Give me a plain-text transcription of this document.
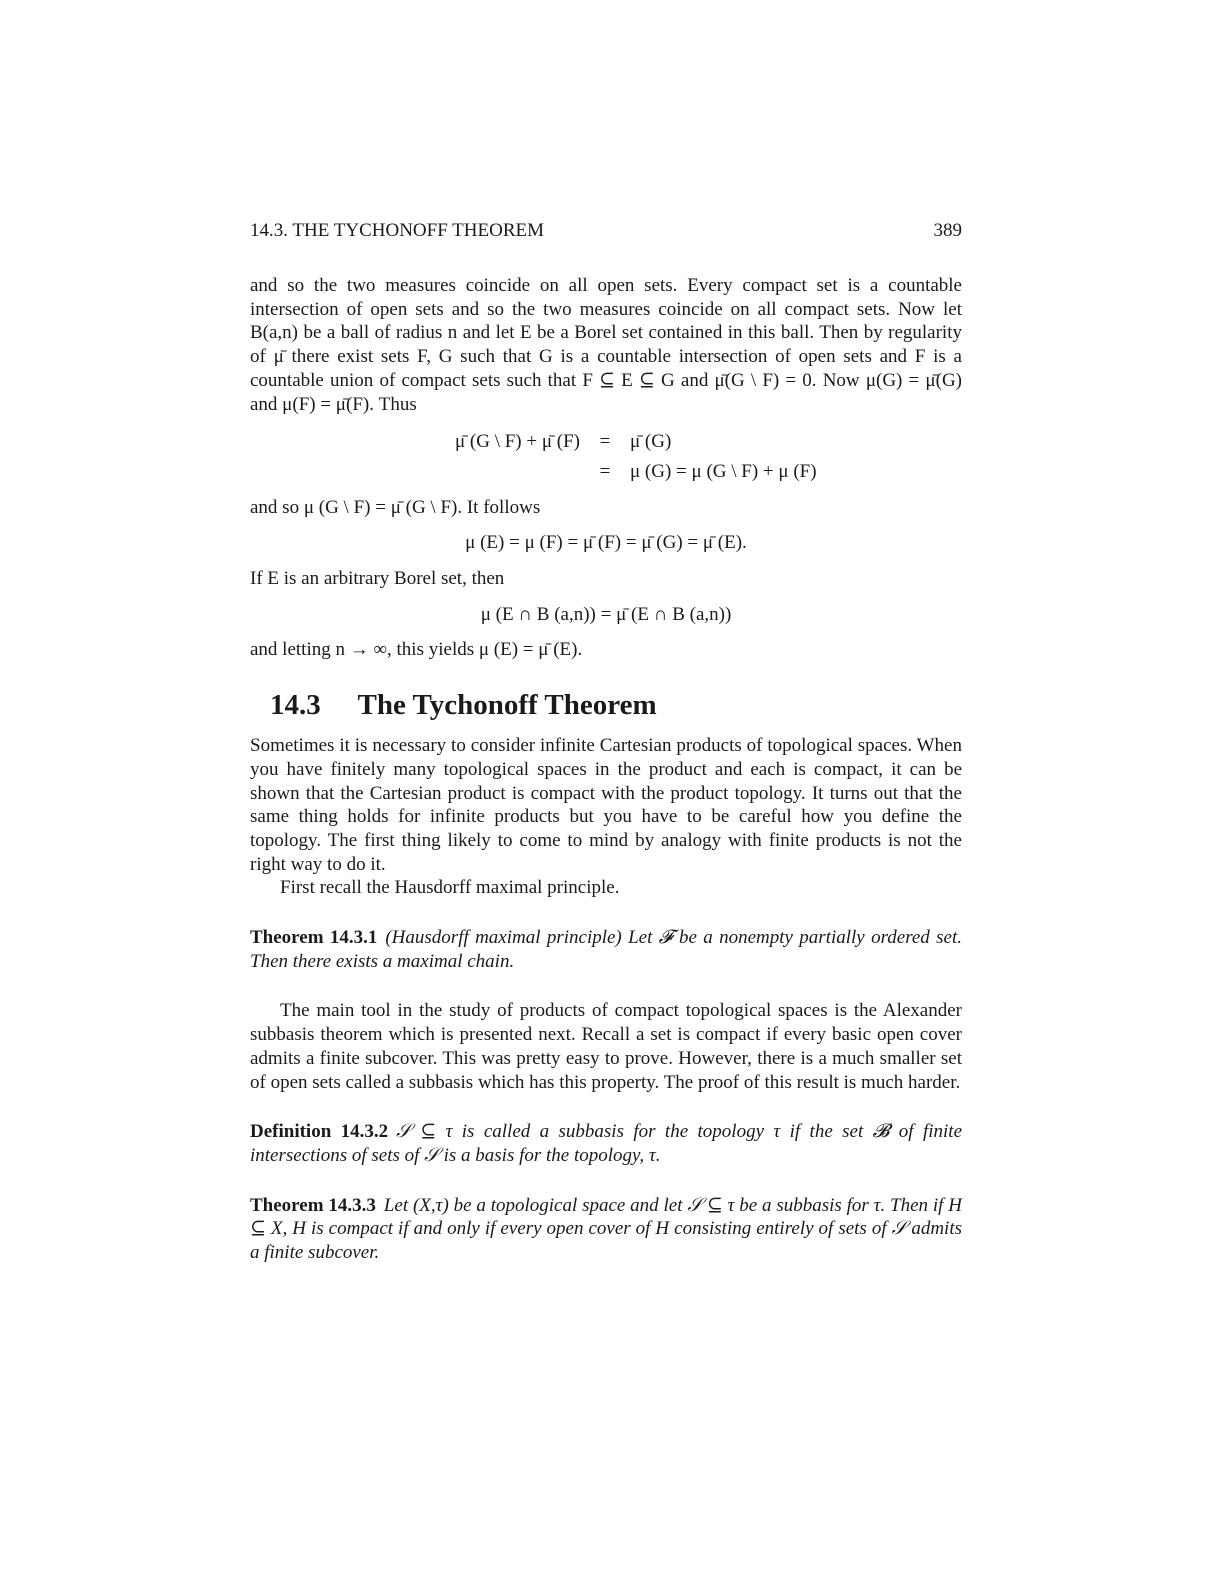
14.3. THE TYCHONOFF THEOREM	389

and so the two measures coincide on all open sets. Every compact set is a countable intersection of open sets and so the two measures coincide on all compact sets. Now let B(a,n) be a ball of radius n and let E be a Borel set contained in this ball. Then by regularity of μ̄ there exist sets F, G such that G is a countable intersection of open sets and F is a countable union of compact sets such that F ⊆ E ⊆ G and μ̄(G \ F) = 0. Now μ(G) = μ̄(G) and μ(F) = μ̄(F). Thus

μ̄ (G \ F) + μ̄ (F)	=	μ̄ (G)
=	μ (G) = μ (G \ F) + μ (F)

and so μ (G \ F) = μ̄ (G \ F). It follows

μ (E) = μ (F) = μ̄ (F) = μ̄ (G) = μ̄ (E).

If E is an arbitrary Borel set, then

μ (E ∩ B (a,n)) = μ̄ (E ∩ B (a,n))

and letting n → ∞, this yields μ (E) = μ̄ (E).

14.3 The Tychonoff Theorem

Sometimes it is necessary to consider infinite Cartesian products of topological spaces. When you have finitely many topological spaces in the product and each is compact, it can be shown that the Cartesian product is compact with the product topology. It turns out that the same thing holds for infinite products but you have to be careful how you define the topology. The first thing likely to come to mind by analogy with finite products is not the right way to do it.

First recall the Hausdorff maximal principle.

Theorem 14.3.1 (Hausdorff maximal principle) Let 𝓕 be a nonempty partially ordered set. Then there exists a maximal chain.

The main tool in the study of products of compact topological spaces is the Alexander subbasis theorem which is presented next. Recall a set is compact if every basic open cover admits a finite subcover. This was pretty easy to prove. However, there is a much smaller set of open sets called a subbasis which has this property. The proof of this result is much harder.

Definition 14.3.2 𝒮 ⊆ τ is called a subbasis for the topology τ if the set 𝓑 of finite intersections of sets of 𝒮 is a basis for the topology, τ.

Theorem 14.3.3 Let (X,τ) be a topological space and let 𝒮 ⊆ τ be a subbasis for τ. Then if H ⊆ X, H is compact if and only if every open cover of H consisting entirely of sets of 𝒮 admits a finite subcover.
